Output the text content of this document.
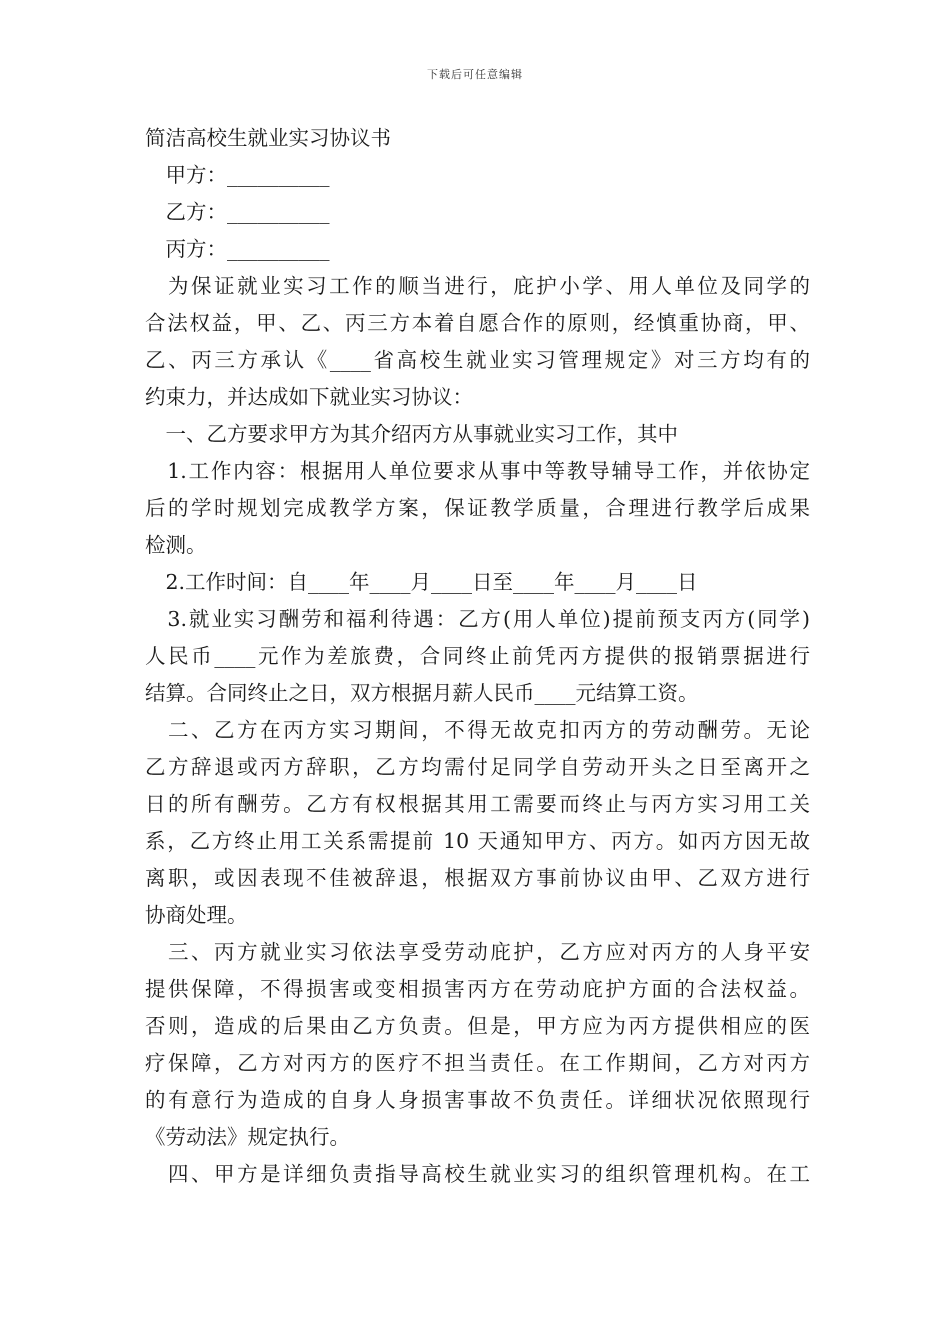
下载后可任意编辑
简洁高校生就业实习协议书
　甲方：__________
　乙方：__________
　丙方：__________
　为保证就业实习工作的顺当进行，庇护小学、用人单位及同学的
合法权益，甲、乙、丙三方本着自愿合作的原则，经慎重协商，甲、
乙、丙三方承认《____省高校生就业实习管理规定》对三方均有的
约束力，并达成如下就业实习协议：
　一、乙方要求甲方为其介绍丙方从事就业实习工作，其中
　1.工作内容：根据用人单位要求从事中等教导辅导工作，并依协定
后的学时规划完成教学方案，保证教学质量，合理进行教学后成果
检测。
　2.工作时间：自____年____月____日至____年____月____日
　3.就业实习酬劳和福利待遇：乙方(用人单位)提前预支丙方(同学)
人民币____元作为差旅费，合同终止前凭丙方提供的报销票据进行
结算。合同终止之日，双方根据月薪人民币____元结算工资。
　二、乙方在丙方实习期间，不得无故克扣丙方的劳动酬劳。无论
乙方辞退或丙方辞职，乙方均需付足同学自劳动开头之日至离开之
日的所有酬劳。乙方有权根据其用工需要而终止与丙方实习用工关
系，乙方终止用工关系需提前 10 天通知甲方、丙方。如丙方因无故
离职，或因表现不佳被辞退，根据双方事前协议由甲、乙双方进行
协商处理。
　三、丙方就业实习依法享受劳动庇护，乙方应对丙方的人身平安
提供保障，不得损害或变相损害丙方在劳动庇护方面的合法权益。
否则，造成的后果由乙方负责。但是，甲方应为丙方提供相应的医
疗保障，乙方对丙方的医疗不担当责任。在工作期间，乙方对丙方
的有意行为造成的自身人身损害事故不负责任。详细状况依照现行
《劳动法》规定执行。
　四、甲方是详细负责指导高校生就业实习的组织管理机构。在工
